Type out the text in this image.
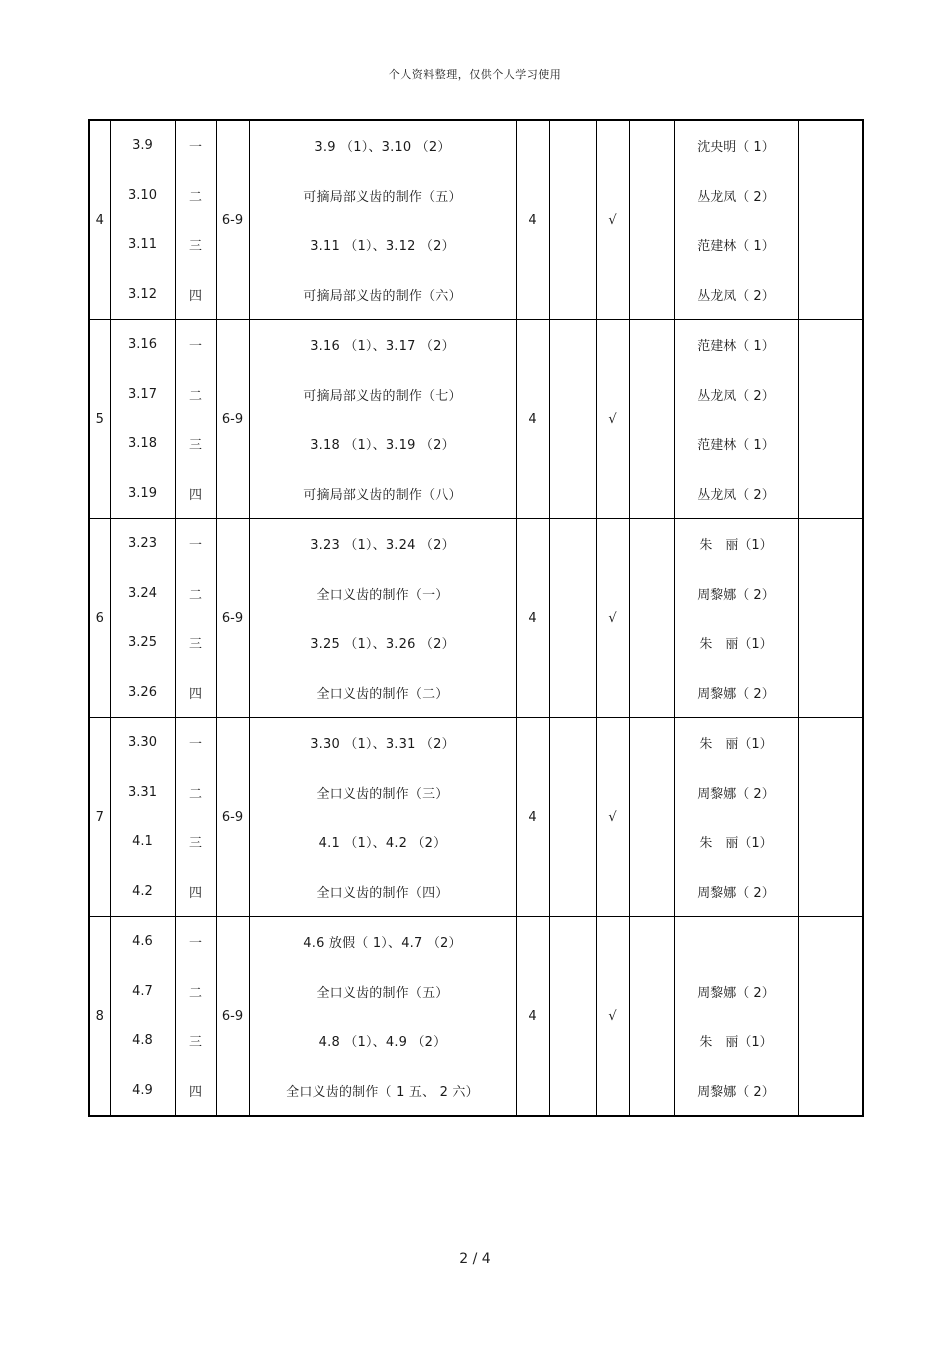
个人资料整理，仅供个人学习使用
4	3.9	一	6-9	3.9 （1）、3.10 （2）	4		√		沈央明（ 1）	
	3.10	二		可摘局部义齿的制作（五）					丛龙凤（ 2）	
	3.11	三		3.11 （1）、3.12 （2）					范建林（ 1）	
	3.12	四		可摘局部义齿的制作（六）					丛龙凤（ 2）	
5	3.16	一	6-9	3.16 （1）、3.17 （2）	4		√		范建林（ 1）	
	3.17	二		可摘局部义齿的制作（七）					丛龙凤（ 2）	
	3.18	三		3.18 （1）、3.19 （2）					范建林（ 1）	
	3.19	四		可摘局部义齿的制作（八）					丛龙凤（ 2）	
6	3.23	一	6-9	3.23 （1）、3.24 （2）	4		√		朱　丽（1）	
	3.24	二		全口义齿的制作（一）					周黎娜（ 2）	
	3.25	三		3.25 （1）、3.26 （2）					朱　丽（1）	
	3.26	四		全口义齿的制作（二）					周黎娜（ 2）	
7	3.30	一	6-9	3.30 （1）、3.31 （2）	4		√		朱　丽（1）	
	3.31	二		全口义齿的制作（三）					周黎娜（ 2）	
	4.1	三		4.1 （1）、4.2 （2）					朱　丽（1）	
	4.2	四		全口义齿的制作（四）					周黎娜（ 2）	
8	4.6	一	6-9	4.6 放假（ 1）、4.7 （2）	4		√			
	4.7	二		全口义齿的制作（五）					周黎娜（ 2）	
	4.8	三		4.8 （1）、4.9 （2）					朱　丽（1）	
	4.9	四		全口义齿的制作（ 1 五、 2 六）					周黎娜（ 2）	
2 / 4
